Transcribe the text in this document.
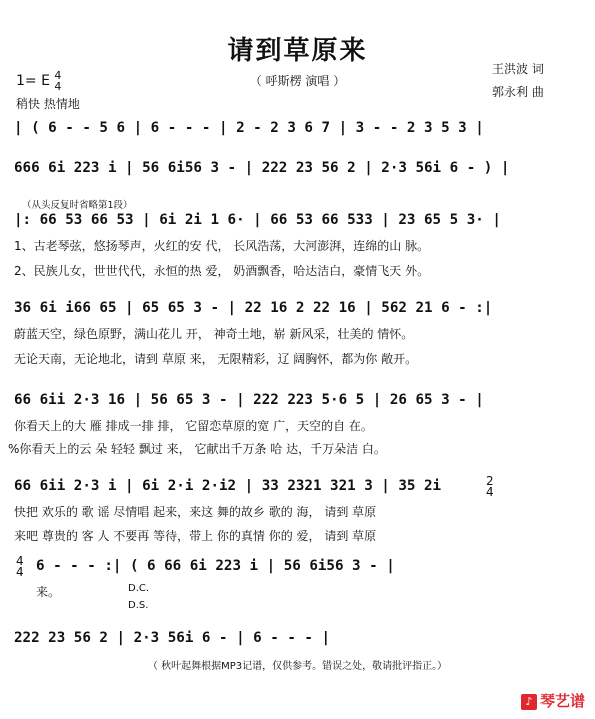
请到草原来
（ 呼斯楞 演唱 ）
王洪波 词
郭永利 曲
1= E 4
4
稍快 热情地
| ( 6 - - 5 6 | 6 - - - | 2 - 2 3 6 7 | 3 - - 2 3 5 3 |
666 6i 223 i | 56 6i56 3 - | 222 23 56 2 | 2·3 56i 6 - ) |
（从头反复时省略第1段）
|: 66 53 66 53 | 6i 2i 1 6· | 66 53 66 533 | 23 65 5 3· |
1、古老琴弦，悠扬琴声，火红的安 代， 长风浩荡，大河澎湃，连绵的山 脉。
2、民族儿女，世世代代，永恒的热 爱， 奶酒飘香，哈达洁白，豪情飞天 外。
36 6i i66 65 | 65 65 3 - | 22 16 2 22 16 | 562 21 6 - :|
蔚蓝天空，绿色原野，满山花儿 开， 神奇土地，崭 新风采，壮美的 情怀。
无论天南，无论地北，请到 草原 来， 无限精彩，辽 阔胸怀，都为你 敞开。
66 6ii 2·3 16 | 56 65 3 - | 222 223 5·6 5 | 26 65 3 - |
你看天上的大 雁 排成一排 排， 它留恋草原的宽 广，天空的自 在。
%你看天上的云 朵 轻轻 飘过 来， 它献出千万条 哈 达，千万朵洁 白。
66 6ii 2·3 i | 6i 2·i 2·i2 | 33 2321 321 3 | 35 2i	2
4
快把 欢乐的 歌 谣 尽情唱 起来，来这 舞的故乡 歌的 海， 请到 草原
来吧 尊贵的 客 人 不要再 等待，带上 你的真情 你的 爱， 请到 草原
4
4 6 - - - :| ( 6 66 6i 223 i | 56 6i56 3 - |
来。	D.C.
D.S.
222 23 56 2 | 2·3 56i 6 - | 6 - - - |
（ 秋叶起舞根据MP3记谱，仅供参考。错误之处，敬请批评指正。）
♪ 琴艺谱
